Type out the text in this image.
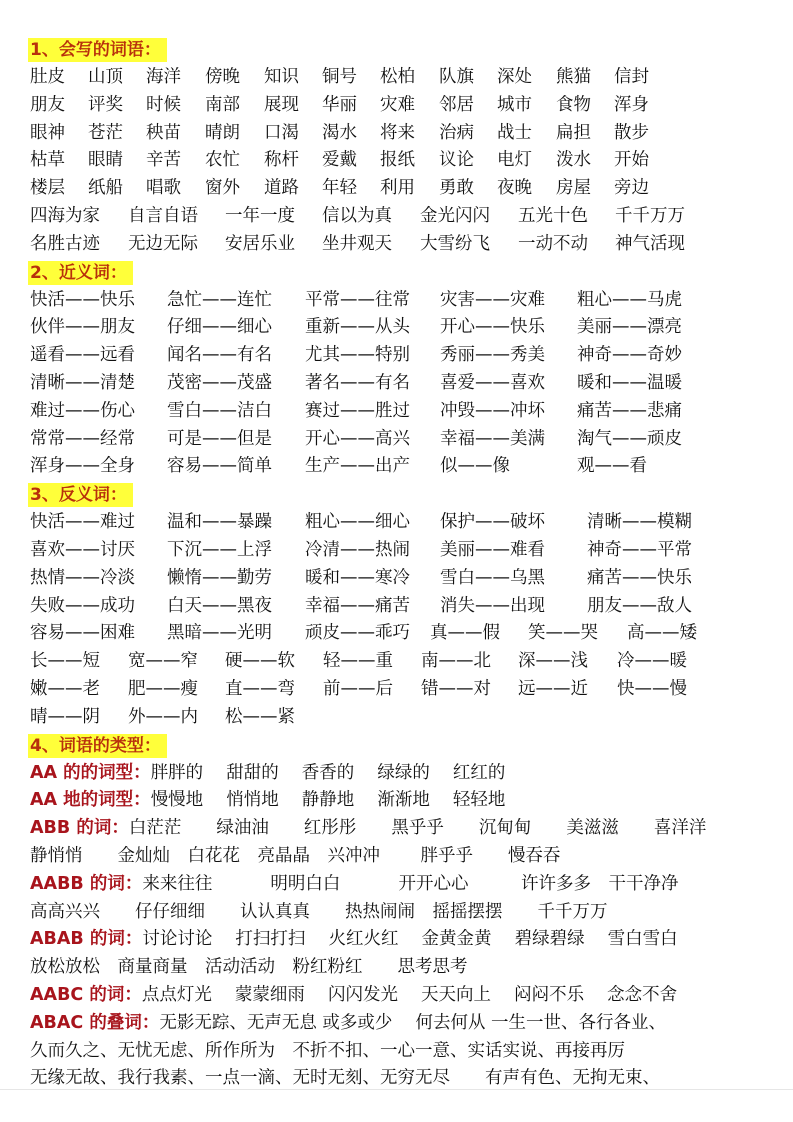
1、会写的词语：
肚皮 山顶 海洋 傍晚 知识 铜号 松柏 队旗 深处 熊猫 信封
朋友 评奖 时候 南部 展现 华丽 灾难 邻居 城市 食物 浑身
眼神 苍茫 秧苗 晴朗 口渴 渴水 将来 治病 战士 扁担 散步
枯草 眼睛 辛苦 农忙 称杆 爱戴 报纸 议论 电灯 泼水 开始
楼层 纸船 唱歌 窗外 道路 年轻 利用 勇敢 夜晚 房屋 旁边
四海为家 自言自语 一年一度 信以为真 金光闪闪 五光十色 千千万万
名胜古迹 无边无际 安居乐业 坐井观天 大雪纷飞 一动不动 神气活现
2、近义词：
快活——快乐 急忙——连忙 平常——往常 灾害——灾难 粗心——马虎
伙伴——朋友 仔细——细心 重新——从头 开心——快乐 美丽——漂亮
遥看——远看 闻名——有名 尤其——特别 秀丽——秀美 神奇——奇妙
清晰——清楚 茂密——茂盛 著名——有名 喜爱——喜欢 暖和——温暖
难过——伤心 雪白——洁白 赛过——胜过 冲毁——冲坏 痛苦——悲痛
常常——经常 可是——但是 开心——高兴 幸福——美满 淘气——顽皮
浑身——全身 容易——简单 生产——出产 似——像	观——看
3、反义词：
快活——难过 温和——暴躁 粗心——细心 保护——破坏 清晰——模糊
喜欢——讨厌 下沉——上浮 冷清——热闹 美丽——难看 神奇——平常
热情——冷淡 懒惰——勤劳 暖和——寒冷 雪白——乌黑 痛苦——快乐
失败——成功 白天——黑夜 幸福——痛苦 消失——出现 朋友——敌人
容易——困难 黑暗——光明 顽皮——乖巧 真——假 笑——哭 高——矮
长——短 宽——窄 硬——软 轻——重 南——北 深——浅 冷——暖
嫩——老 肥——瘦 直——弯 前——后 错——对 远——近 快——慢
晴——阴 外——内 松——紧
4、词语的类型：
AA 的的词型：胖胖的　 甜甜的　 香香的　 绿绿的　 红红的
AA 地的词型：慢慢地　 悄悄地　 静静地　 渐渐地　 轻轻地
ABB 的词：白茫茫　　绿油油　　红彤彤　　黑乎乎　　沉甸甸　　美滋滋　　喜洋洋
静悄悄　　金灿灿　白花花　亮晶晶　兴冲冲　　 胖乎乎　　慢吞吞
AABB 的词：来来往往　　　 明明白白　　　 开开心心　　　许许多多　干干净净
高高兴兴　　仔仔细细　　认认真真　　热热闹闹　摇摇摆摆　　千千万万
ABAB 的词：讨论讨论　 打扫打扫　 火红火红　 金黄金黄　 碧绿碧绿　 雪白雪白
放松放松　商量商量　活动活动　粉红粉红　　思考思考
AABC 的词：点点灯光　 蒙蒙细雨　 闪闪发光　 天天向上　 闷闷不乐　 念念不舍
ABAC 的叠词：无影无踪、无声无息 或多或少　 何去何从 一生一世、各行各业、
久而久之、无忧无虑、所作所为　不折不扣、一心一意、实话实说、再接再厉
无缘无故、我行我素、一点一滴、无时无刻、无穷无尽　　有声有色、无拘无束、
